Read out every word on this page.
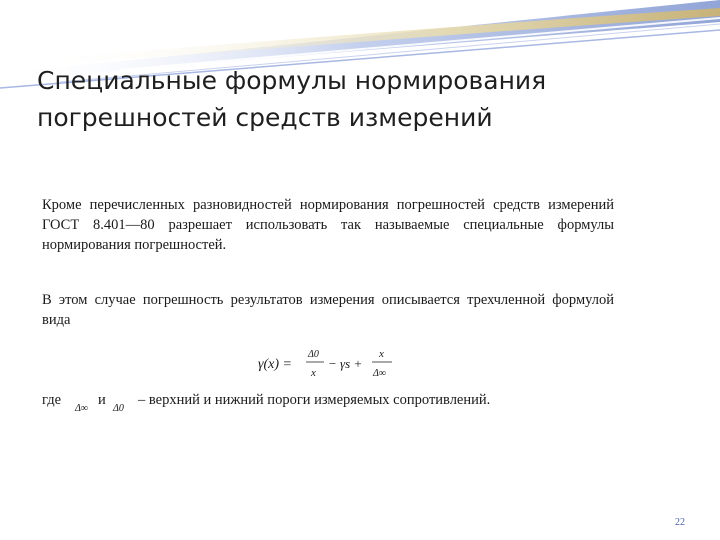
Специальные формулы нормирования погрешностей средств измерений

Кроме перечисленных разновидностей нормирования погрешностей средств измерений ГОСТ 8.401—80 разрешает использовать так называемые специальные формулы нормирования погрешностей.

В этом случае погрешность результатов измерения описывается трехчленной формулой вида

γ(x) =
Δ0
x
− γs +
x
Δ∞
где
Δ∞
и
Δ0
– верхний и нижний пороги измеряемых сопротивлений.
22
